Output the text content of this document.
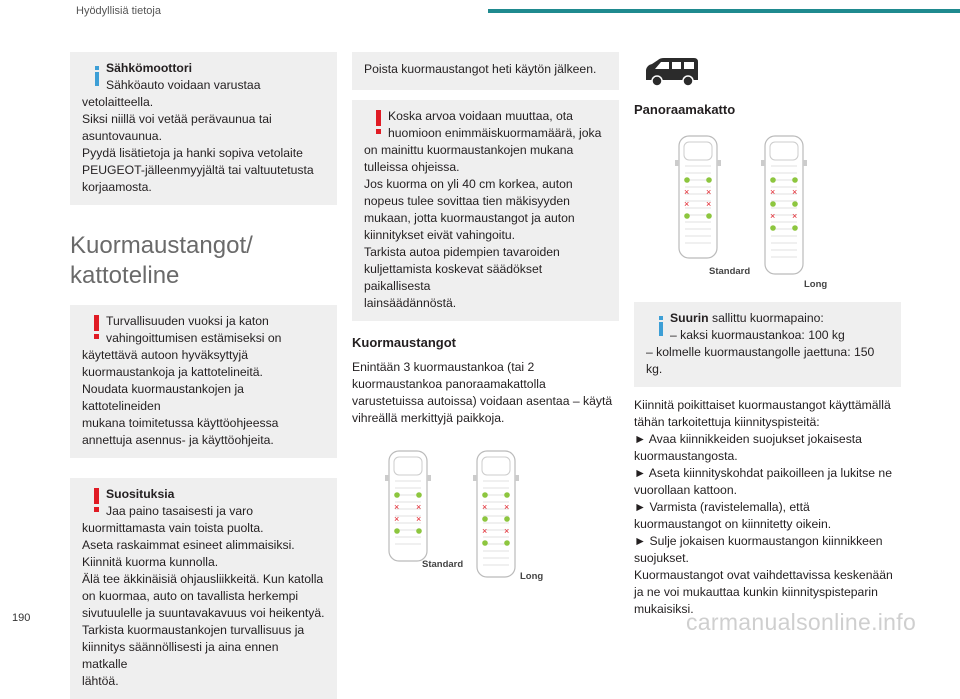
Hyödyllisiä tietoja

Sähkömoottori

Sähköauto voidaan varustaa

vetolaitteella.

Siksi niillä voi vetää perävaunua tai

asuntovaunua.

Pyydä lisätietoja ja hanki sopiva vetolaite

PEUGEOT-jälleenmyyjältä tai valtuutetusta

korjaamosta.

Kuormaustangot/
kattoteline

Turvallisuuden vuoksi ja katon

vahingoittumisen estämiseksi on

käytettävä autoon hyväksyttyjä

kuormaustankoja ja kattotelineitä.

Noudata kuormaustankojen ja kattotelineiden

mukana toimitetussa käyttöohjeessa

annettuja asennus- ja käyttöohjeita.

Suosituksia

Jaa paino tasaisesti ja varo

kuormittamasta vain toista puolta.

Aseta raskaimmat esineet alimmaisiksi.

Kiinnitä kuorma kunnolla.

Älä tee äkkinäisiä ohjausliikkeitä. Kun katolla

on kuormaa, auto on tavallista herkempi

sivutuulelle ja suuntavakavuus voi heikentyä.

Tarkista kuormaustankojen turvallisuus ja

kiinnitys säännöllisesti ja aina ennen matkalle

lähtöä.

Poista kuormaustangot heti käytön jälkeen.

Koska arvoa voidaan muuttaa, ota

huomioon enimmäiskuormamäärä, joka

on mainittu kuormaustankojen mukana

tulleissa ohjeissa.

Jos kuorma on yli 40 cm korkea, auton

nopeus tulee sovittaa tien mäkisyyden

mukaan, jotta kuormaustangot ja auton

kiinnitykset eivät vahingoitu.

Tarkista autoa pidempien tavaroiden

kuljettamista koskevat säädökset paikallisesta

lainsäädännöstä.

Kuormaustangot

Enintään 3 kuormaustankoa (tai 2

kuormaustankoa panoraamakattolla

varustetuissa autoissa) voidaan asentaa – käytä

vihreällä merkittyjä paikkoja.

× ×
× ×
× ×
× ×
Standard
Long
Panoraamakatto
× ×
× ×
× ×
× ×
Standard
Long

Suurin sallittu kuormapaino:

– kaksi kuormaustankoa: 100 kg

– kolmelle kuormaustangolle jaettuna: 150

kg.

Kiinnitä poikittaiset kuormaustangot käyttämällä

tähän tarkoitettuja kiinnityspisteitä:

► Avaa kiinnikkeiden suojukset jokaisesta

kuormaustangosta.

► Aseta kiinnityskohdat paikoilleen ja lukitse ne

vuorollaan kattoon.

► Varmista (ravistelemalla), että

kuormaustangot on kiinnitetty oikein.

► Sulje jokaisen kuormaustangon kiinnikkeen

suojukset.

Kuormaustangot ovat vaihdettavissa keskenään

ja ne voi mukauttaa kunkin kiinnityspisteparin

mukaisiksi.

190	carmanualsonline.info
